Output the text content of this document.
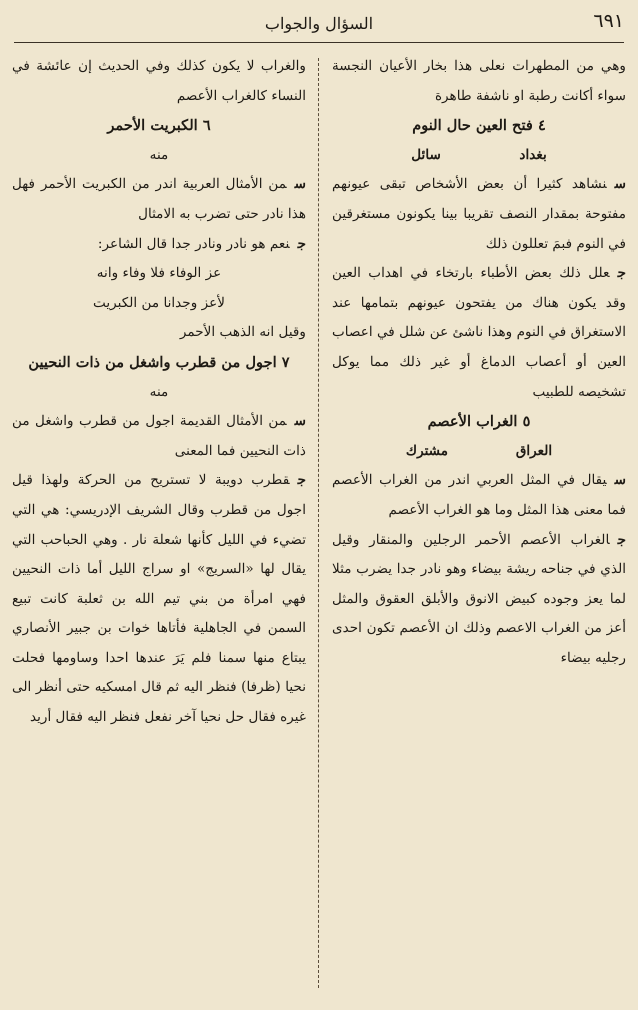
٦٩١
السؤال والجواب

وهي من المطهرات نعلى هذا بخار الأعيان النجسة سواء أكانت رطبة او ناشفة طاهرة

٤ فتح العين حال النوم

بغداد
سائل

سنشاهد كثيرا أن بعض الأشخاص تبقى عيونهم مفتوحة بمقدار النصف تقريبا بينا يكونون مستغرقين في النوم فبمَ تعللون ذلك

جعلل ذلك بعض الأطباء بارتخاء في اهداب العين وقد يكون هناك من يفتحون عيونهم بتمامها عند الاستغراق في النوم وهذا ناشئ عن شلل في اعصاب العين أو أعصاب الدماغ أو غير ذلك مما يوكل تشخيصه للطبيب

٥ الغراب الأعصم

العراق
مشترك

سيقال في المثل العربي اندر من الغراب الأعصم فما معنى هذا المثل وما هو الغراب الأعصم

جالغراب الأعصم الأحمر الرجلين والمنقار وقيل الذي في جناحه ريشة بيضاء وهو نادر جدا يضرب مثلا لما يعز وجوده كبيض الانوق والأبلق العقوق والمثل أعز من الغراب الاعصم وذلك ان الأعصم تكون احدى رجليه بيضاء

والغراب لا يكون كذلك وفي الحديث إن عائشة في النساء كالغراب الأعصم

٦ الكبريت الأحمر

منه

سمن الأمثال العربية اندر من الكبريت الأحمر فهل هذا نادر حتى تضرب به الامثال

جنعم هو نادر ونادر جدا قال الشاعر:

عز الوفاء فلا وفاء وانه

لأعز وجدانا من الكبريت

وقيل انه الذهب الأحمر

٧ اجول من قطرب واشغل من ذات النحيين

منه

سمن الأمثال القديمة اجول من قطرب واشغل من ذات النحيين فما المعنى

جقطرب دويبة لا تستريح من الحركة ولهذا قيل اجول من قطرب وقال الشريف الإدريسي: هي التي تضيء في الليل كأنها شعلة نار . وهي الحباحب التي يقال لها «السريج» او سراج الليل أما ذات النحيين فهي امرأة من بني تيم الله بن ثعلبة كانت تبيع السمن في الجاهلية فأتاها خوات بن جبير الأنصاري يبتاع منها سمنا فلم يَرَ عندها احدا وساومها فحلت نحيا (ظرفا) فنظر اليه ثم قال امسكيه حتى أنظر الى غيره فقال حل نحيا آخر نفعل فنظر اليه فقال أريد
